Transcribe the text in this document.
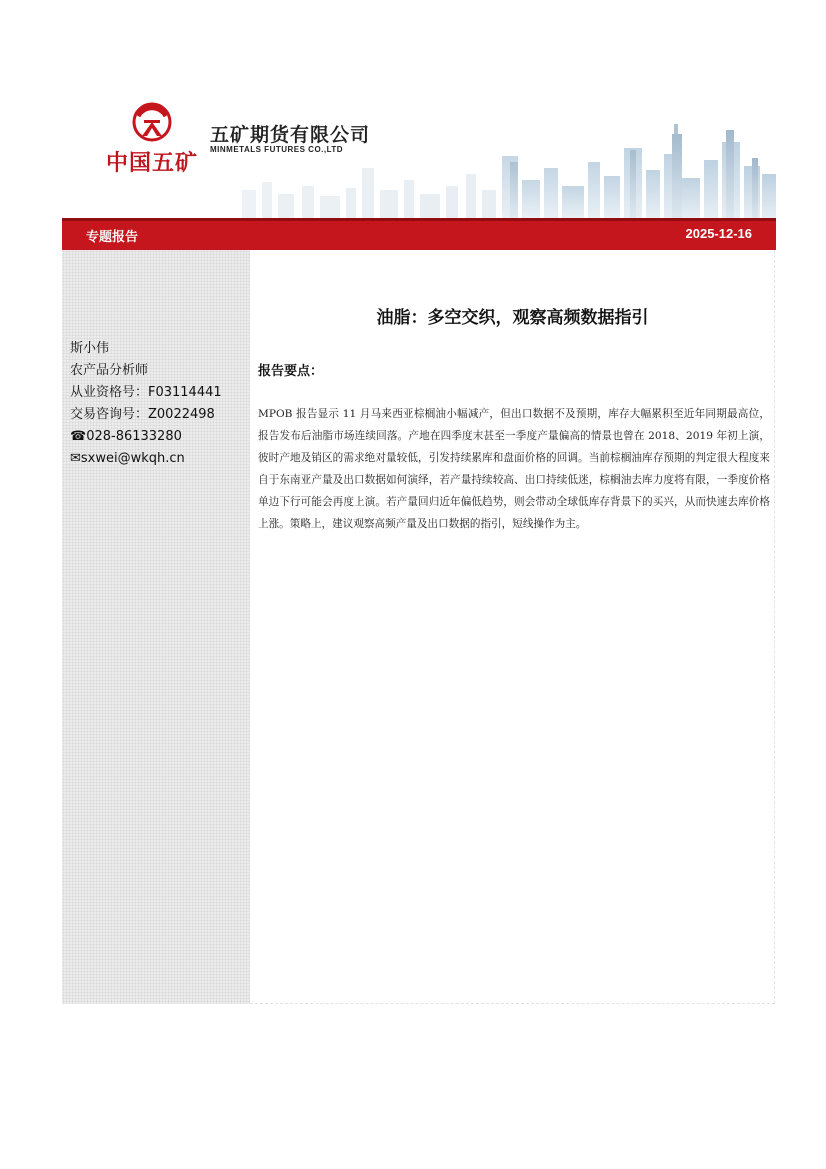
中国五矿
五矿期货有限公司
MINMETALS FUTURES CO.,LTD
专题报告	2025-12-16
斯小伟
农产品分析师
从业资格号：F03114441
交易咨询号：Z0022498
☎028-86133280
✉sxwei@wkqh.cn
油脂：多空交织，观察高频数据指引
报告要点：
MPOB 报告显示 11 月马来西亚棕榈油小幅减产，但出口数据不及预期，库存大幅累积至近年同期最高位，报告发布后油脂市场连续回落。产地在四季度末甚至一季度产量偏高的情景也曾在 2018、2019 年初上演，彼时产地及销区的需求绝对量较低，引发持续累库和盘面价格的回调。当前棕榈油库存预期的判定很大程度来自于东南亚产量及出口数据如何演绎，若产量持续较高、出口持续低迷，棕榈油去库力度将有限，一季度价格单边下行可能会再度上演。若产量回归近年偏低趋势，则会带动全球低库存背景下的买兴，从而快速去库价格上涨。策略上，建议观察高频产量及出口数据的指引，短线操作为主。
